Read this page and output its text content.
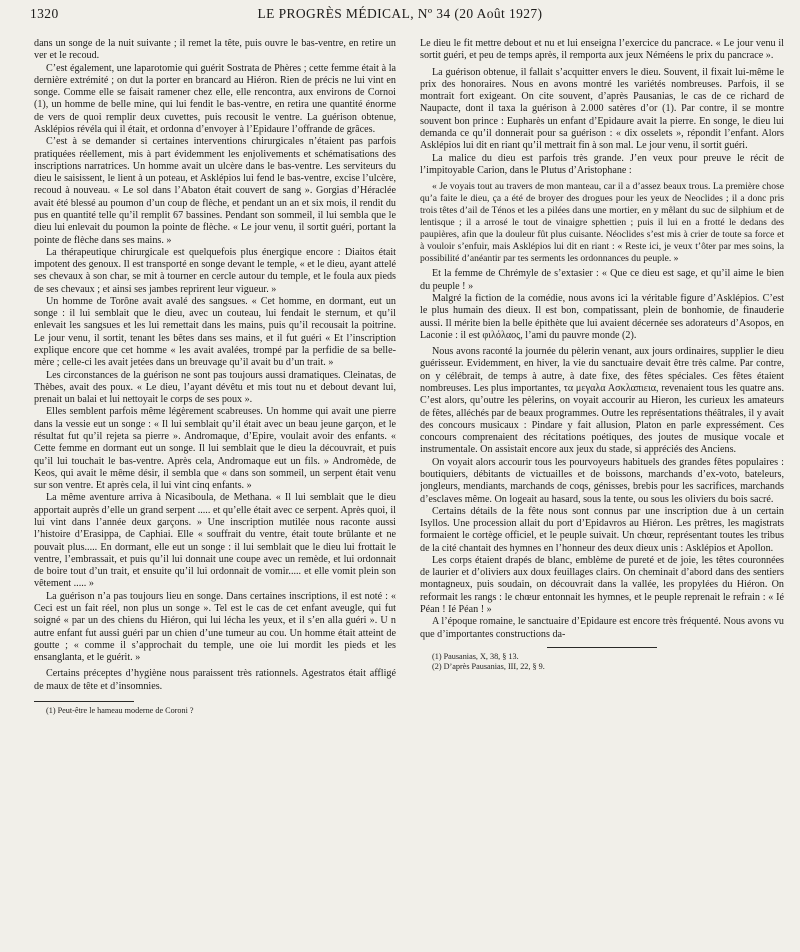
1320	LE PROGRÈS MÉDICAL, Nº 34 (20 Août 1927)

dans un songe de la nuit suivante ; il remet la tête, puis ouvre le bas-ventre, en retire un ver et le recoud.

C’est également, une laparotomie qui guérit Sostrata de Phères ; cette femme était à la dernière extrémité ; on dut la porter en brancard au Hiéron. Rien de précis ne lui vint en songe. Comme elle se faisait ramener chez elle, elle rencontra, aux environs de Cornoi (1), un homme de belle mine, qui lui fendit le bas-ventre, en retira une quantité énorme de vers de quoi remplir deux cuvettes, puis recousit le ventre. La guérison obtenue, Asklépios révéla qui il était, et ordonna d’envoyer à l’Epidaure l’offrande de grâces.

C’est à se demander si certaines interventions chirurgicales n’étaient pas parfois pratiquées réellement, mis à part évidemment les enjolivements et schématisations des inscriptions narratrices. Un homme avait un ulcère dans le bas-ventre. Les serviteurs du dieu le saisissent, le lient à un poteau, et Asklépios lui fend le bas-ventre, excise l’ulcère, recoud à nouveau. « Le sol dans l’Abaton était couvert de sang ». Gorgias d’Héraclée avait été blessé au poumon d’un coup de flèche, et pendant un an et six mois, il rendit du pus en quantité telle qu’il remplit 67 bassines. Pendant son sommeil, il lui sembla que le dieu lui enlevait du poumon la pointe de flèche. « Le jour venu, il sortit guéri, portant la pointe de flèche dans ses mains. »

La thérapeutique chirurgicale est quelquefois plus énergique encore : Diaitos était impotent des genoux. Il est transporté en songe devant le temple, « et le dieu, ayant attelé ses chevaux à son char, se mit à tourner en cercle autour du temple, et le foula aux pieds de ses chevaux ; et ainsi ses jambes reprirent leur vigueur. »

Un homme de Torône avait avalé des sangsues. « Cet homme, en dormant, eut un songe : il lui semblait que le dieu, avec un couteau, lui fendait le sternum, et qu’il enlevait les sangsues et les lui remettait dans les mains, puis qu’il recousait la poitrine. Le jour venu, il sortit, tenant les bêtes dans ses mains, et il fut guéri « Et l’inscription explique encore que cet homme « les avait avalées, trompé par la perfidie de sa belle-mère ; celle-ci les avait jetées dans un breuvage qu’il avait bu d’un trait. »

Les circonstances de la guérison ne sont pas toujours aussi dramatiques. Cleinatas, de Thèbes, avait des poux. « Le dieu, l’ayant dévêtu et mis tout nu et debout devant lui, prenait un balai et lui nettoyait le corps de ses poux ».

Elles semblent parfois même légèrement scabreuses. Un homme qui avait une pierre dans la vessie eut un songe : « Il lui semblait qu’il était avec un beau jeune garçon, et le résultat fut qu’il rejeta sa pierre ». Andromaque, d’Epire, voulait avoir des enfants. « Cette femme en dormant eut un songe. Il lui semblait que le dieu la découvrait, et puis qu’il lui touchait le bas-ventre. Après cela, Andromaque eut un fils. » Andromède, de Keos, qui avait le même désir, il sembla que « dans son sommeil, un serpent était venu sur son ventre. Et après cela, il lui vint cinq enfants. »

La même aventure arriva à Nicasiboula, de Methana. « Il lui semblait que le dieu apportait auprès d’elle un grand serpent ..... et qu’elle était avec ce serpent. Après quoi, il lui vint dans l’année deux garçons. » Une inscription mutilée nous raconte aussi l’histoire d’Erasippa, de Caphiai. Elle « souffrait du ventre, était toute brûlante et ne pouvait plus..... En dormant, elle eut un songe : il lui semblait que le dieu lui frottait le ventre, l’embrassait, et puis qu’il lui donnait une coupe avec un remède, et lui ordonnait de boire tout d’un trait, et ensuite qu’il lui ordonnait de vomir..... et elle vomit plein son vêtement ..... »

La guérison n’a pas toujours lieu en songe. Dans certaines inscriptions, il est noté : « Ceci est un fait réel, non plus un songe ». Tel est le cas de cet enfant aveugle, qui fut soigné « par un des chiens du Hiéron, qui lui lécha les yeux, et il s’en alla guéri ». U n autre enfant fut aussi guéri par un chien d’une tumeur au cou. Un homme était atteint de goutte ; « comme il s’approchait du temple, une oie lui mordit les pieds et les ensanglanta, et le guérit. »

Certains préceptes d’hygiène nous paraissent très rationnels. Agestratos était affligé de maux de tête et d’insomnies.

(1) Peut-être le hameau moderne de Coroni ?

Le dieu le fit mettre debout et nu et lui enseigna l’exercice du pancrace. « Le jour venu il sortit guéri, et peu de temps après, il remporta aux jeux Néméens le prix du pancrace ».

La guérison obtenue, il fallait s’acquitter envers le dieu. Souvent, il fixait lui-même le prix des honoraires. Nous en avons montré les variétés nombreuses. Parfois, il se montrait fort exigeant. On cite souvent, d’après Pausanias, le cas de ce richard de Naupacte, dont il taxa la guérison à 2.000 satères d’or (1). Par contre, il se montre souvent bon prince : Eupharès un enfant d’Epidaure avait la pierre. En songe, le dieu lui demanda ce qu’il donnerait pour sa guérison : « dix osselets », répondit l’enfant. Alors Asklépios lui dit en riant qu’il mettrait fin à son mal. Le jour venu, il sortit guéri.

La malice du dieu est parfois très grande. J’en veux pour preuve le récit de l’impitoyable Carion, dans le Plutus d’Aristophane :

« Je voyais tout au travers de mon manteau, car il a d’assez beaux trous. La première chose qu’a faite le dieu, ça a été de broyer des drogues pour les yeux de Neoclides ; il a donc pris trois têtes d’ail de Ténos et les a pilées dans une mortier, en y mêlant du suc de silphium et de lentisque ; il a arrosé le tout de vinaigre sphettien ; puis il lui en a frotté le dedans des paupières, afin que la douleur fût plus cuisante. Néoclides s’est mis à crier de toute sa force et à vouloir s’enfuir, mais Asklépios lui dit en riant : « Reste ici, je veux t’ôter par mes soins, la possibilité d’anéantir par tes serments les ordonnances du peuple. »

Et la femme de Chrémyle de s’extasier : « Que ce dieu est sage, et qu’il aime le bien du peuple ! »

Malgré la fiction de la comédie, nous avons ici la véritable figure d’Asklépios. C’est le plus humain des dieux. Il est bon, compatissant, plein de bonhomie, de finauderie aussi. Il mérite bien la belle épithète que lui avaient décernée ses adorateurs d’Asopos, en Laconie : il est φιλόλαος, l’ami du pauvre monde (2).

Nous avons raconté la journée du pèlerin venant, aux jours ordinaires, supplier le dieu guérisseur. Evidemment, en hiver, la vie du sanctuaire devait être très calme. Par contre, on y célébrait, de temps à autre, à date fixe, des fêtes spéciales. Ces fêtes étaient nombreuses. Les plus importantes, τα μεγαλα Ασκλαπιεια, revenaient tous les quatre ans. C’est alors, qu’outre les pèlerins, on voyait accourir au Hieron, les curieux les amateurs de fêtes, alléchés par de beaux programmes. Outre les représentations théâtrales, il y avait des concours musicaux : Pindare y fait allusion, Platon en parle expressément. Ces concours comprenaient des récitations poétiques, des joutes de musique vocale et instrumentale. On assistait encore aux jeux du stade, si appréciés des Anciens.

On voyait alors accourir tous les pourvoyeurs habituels des grandes fêtes populaires : boutiquiers, débitants de victuailles et de boissons, marchands d’ex-voto, bateleurs, jongleurs, mendiants, marchands de coqs, génisses, brebis pour les sacrifices, marchands d’esclaves même. On logeait au hasard, sous la tente, ou sous les oliviers du bois sacré.

Certains détails de la fête nous sont connus par une inscription due à un certain Isyllos. Une procession allait du port d’Epidavros au Hiéron. Les prêtres, les magistrats formaient le cortège officiel, et le peuple suivait. Un chœur, représentant toutes les tribus de la cité chantait des hymnes en l’honneur des deux dieux unis : Asklépios et Apollon.

Les corps étaient drapés de blanc, emblème de pureté et de joie, les têtes couronnées de laurier et d’oliviers aux doux feuillages clairs. On cheminait d’abord dans des sentiers montagneux, puis soudain, on découvrait dans la vallée, les propylées du Hiéron. On reformait les rangs : le chœur entonnait les hymnes, et le peuple reprenait le refrain : « Ié Péan ! Ié Péan ! »

A l’époque romaine, le sanctuaire d’Epidaure est encore très fréquenté. Nous avons vu que d’importantes constructions da-

(1) Pausanias, X, 38, § 13.

(2) D’après Pausanias, III, 22, § 9.
